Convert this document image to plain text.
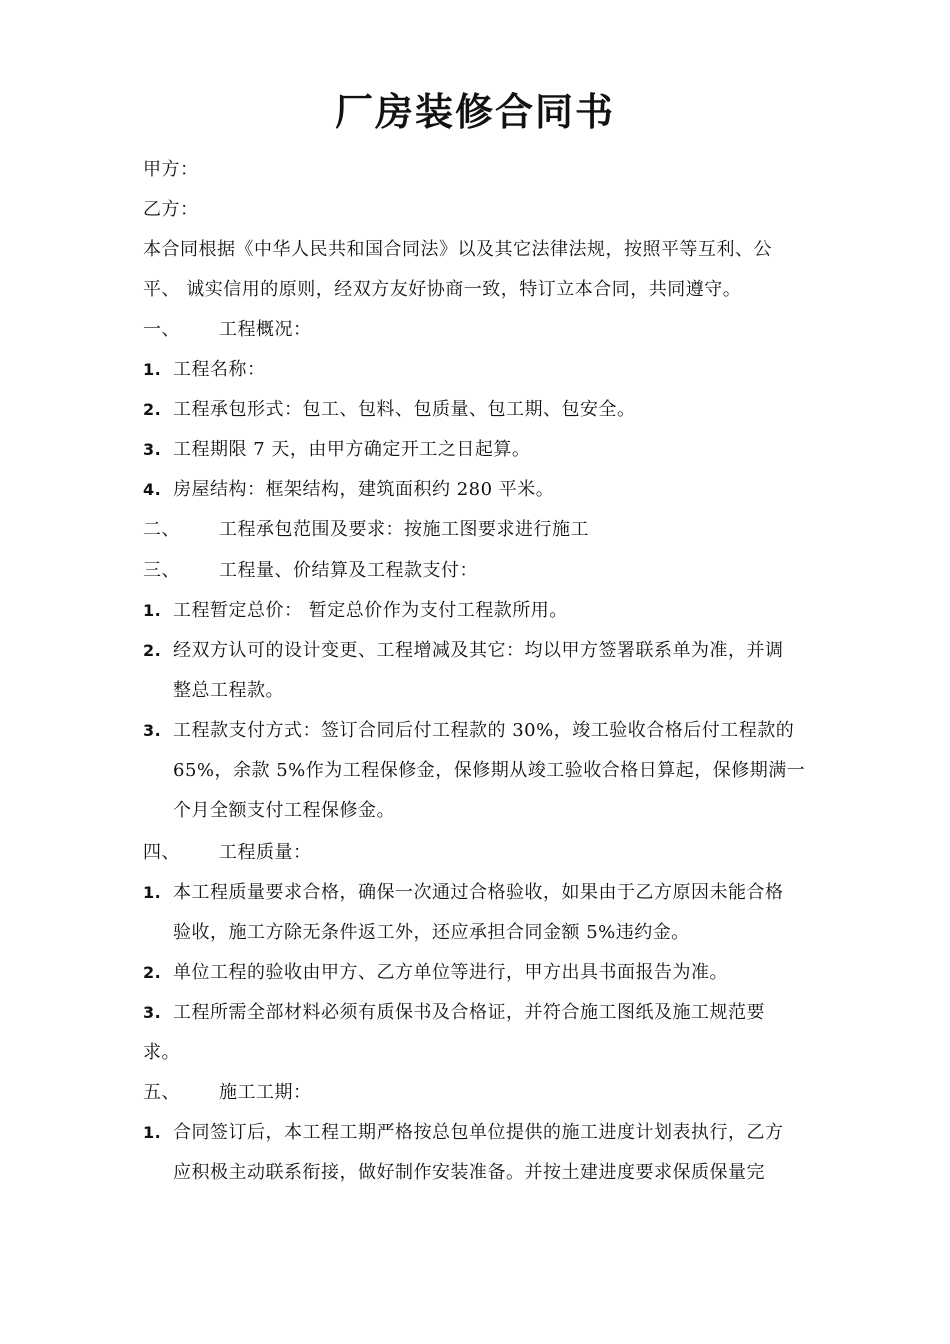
厂房装修合同书
甲方：
乙方：
本合同根据《中华人民共和国合同法》以及其它法律法规，按照平等互利、公
平、 诚实信用的原则，经双方友好协商一致，特订立本合同，共同遵守。
一、 工程概况：
1. 工程名称：
2. 工程承包形式：包工、包料、包质量、包工期、包安全。
3. 工程期限 7 天，由甲方确定开工之日起算。
4. 房屋结构：框架结构，建筑面积约 280 平米。
二、 工程承包范围及要求：按施工图要求进行施工
三、 工程量、价结算及工程款支付：
1. 工程暂定总价： 暂定总价作为支付工程款所用。
2. 经双方认可的设计变更、工程增减及其它：均以甲方签署联系单为准，并调
整总工程款。
3. 工程款支付方式：签订合同后付工程款的 30%，竣工验收合格后付工程款的
65%，余款 5%作为工程保修金，保修期从竣工验收合格日算起，保修期满一
个月全额支付工程保修金。
四、 工程质量：
1. 本工程质量要求合格，确保一次通过合格验收，如果由于乙方原因未能合格
验收，施工方除无条件返工外，还应承担合同金额 5%违约金。
2. 单位工程的验收由甲方、乙方单位等进行，甲方出具书面报告为准。
3. 工程所需全部材料必须有质保书及合格证，并符合施工图纸及施工规范要
求。
五、 施工工期：
1. 合同签订后，本工程工期严格按总包单位提供的施工进度计划表执行，乙方
应积极主动联系衔接，做好制作安装准备。并按土建进度要求保质保量完
